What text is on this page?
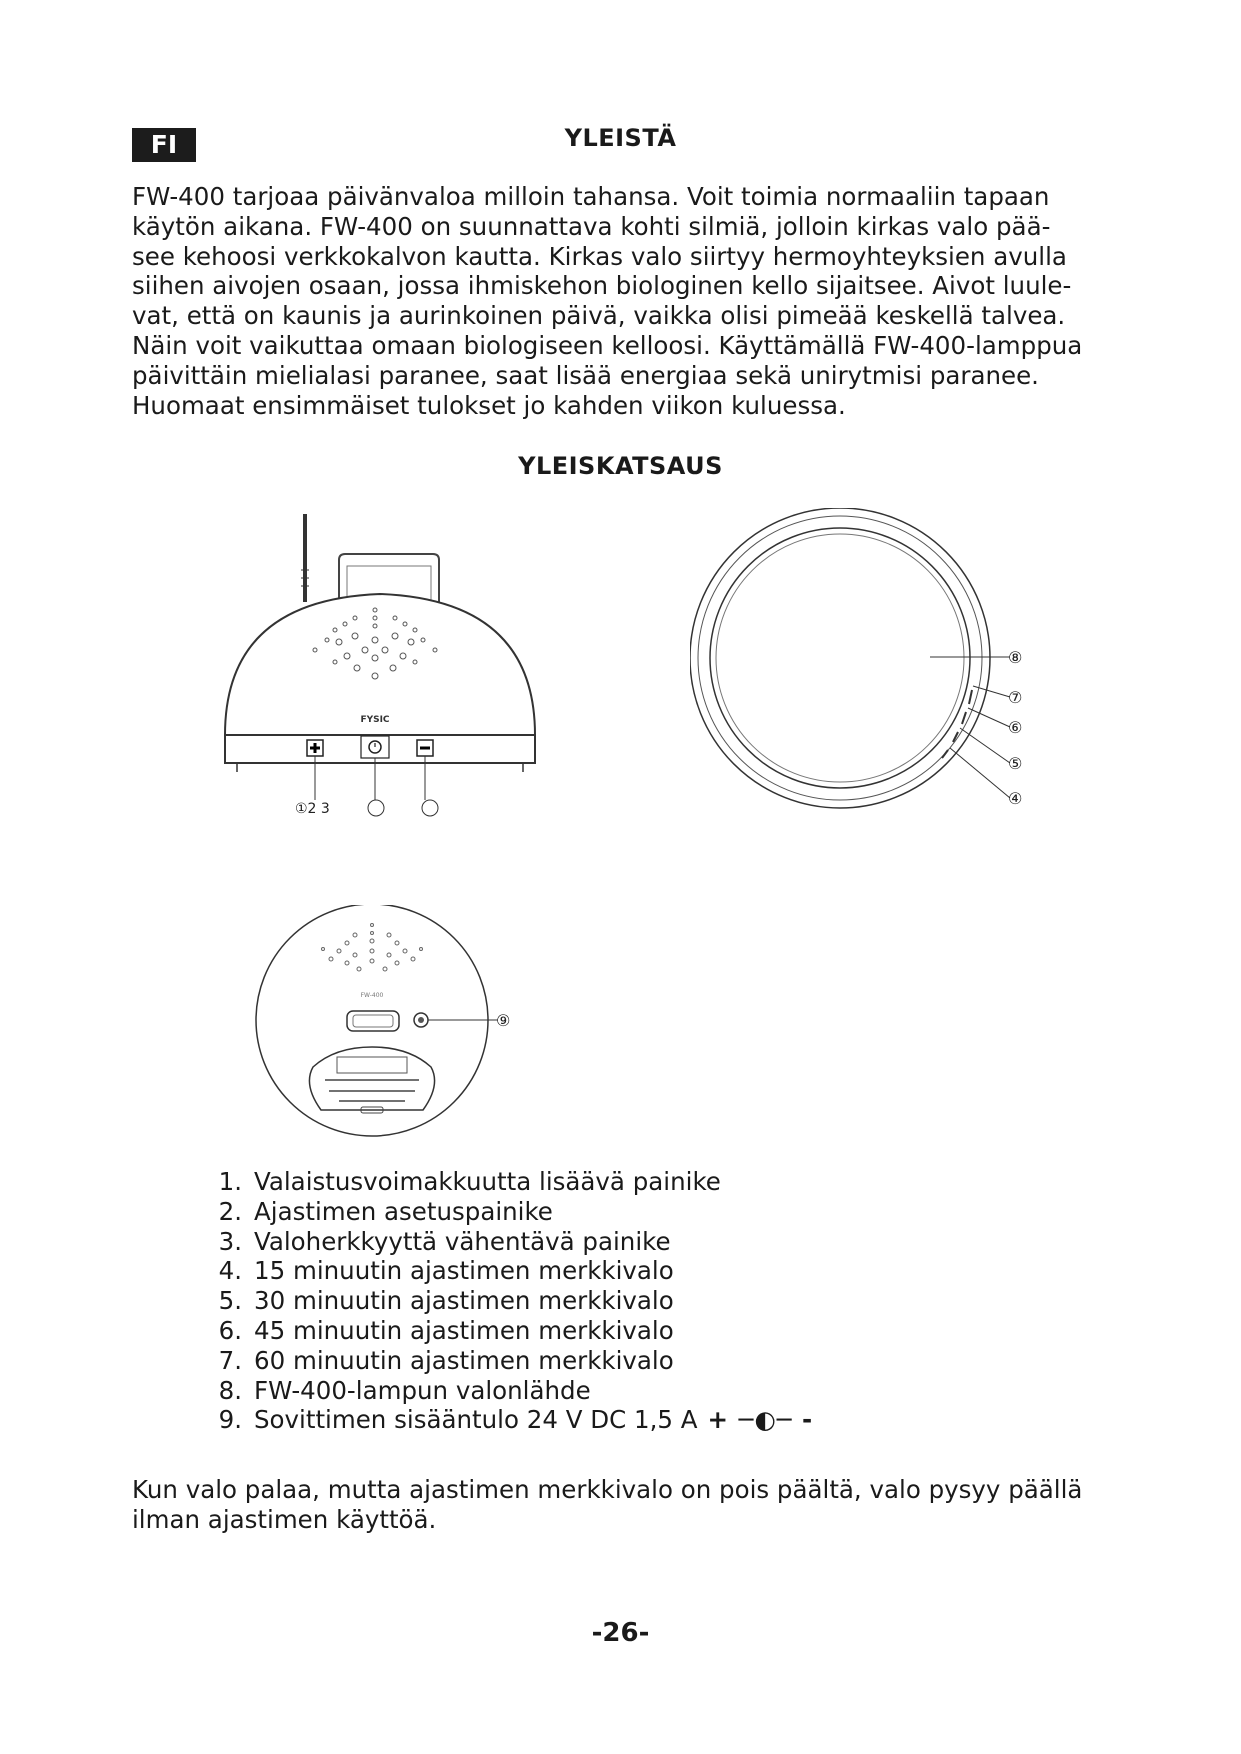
FI	YLEISTÄ

FW-400 tarjoaa päivänvaloa milloin tahansa. Voit toimia normaaliin tapaan
käytön aikana. FW-400 on suunnattava kohti silmiä, jolloin kirkas valo pää-
see kehoosi verkkokalvon kautta. Kirkas valo siirtyy hermoyhteyksien avulla
siihen aivojen osaan, jossa ihmiskehon biologinen kello sijaitsee. Aivot luule-
vat, että on kaunis ja aurinkoinen päivä, vaikka olisi pimeää keskellä talvea.
Näin voit vaikuttaa omaan biologiseen kelloosi. Käyttämällä FW-400-lamppua
päivittäin mielialasi paranee, saat lisää energiaa sekä unirytmisi paranee.
Huomaat ensimmäiset tulokset jo kahden viikon kuluessa.

YLEISKATSAUS
FYSIC
①2 3
⑧
⑦
⑥
⑤
④
FW-400
⑨
1. Valaistusvoimakkuutta lisäävä painike
2. Ajastimen asetuspainike
3. Valoherkkyyttä vähentävä painike
4. 15 minuutin ajastimen merkkivalo
5. 30 minuutin ajastimen merkkivalo
6. 45 minuutin ajastimen merkkivalo
7. 60 minuutin ajastimen merkkivalo
8. FW-400-lampun valonlähde
9. Sovittimen sisääntulo 24 V DC 1,5 A + ─◐─ -

Kun valo palaa, mutta ajastimen merkkivalo on pois päältä, valo pysyy päällä
ilman ajastimen käyttöä.

-26-
